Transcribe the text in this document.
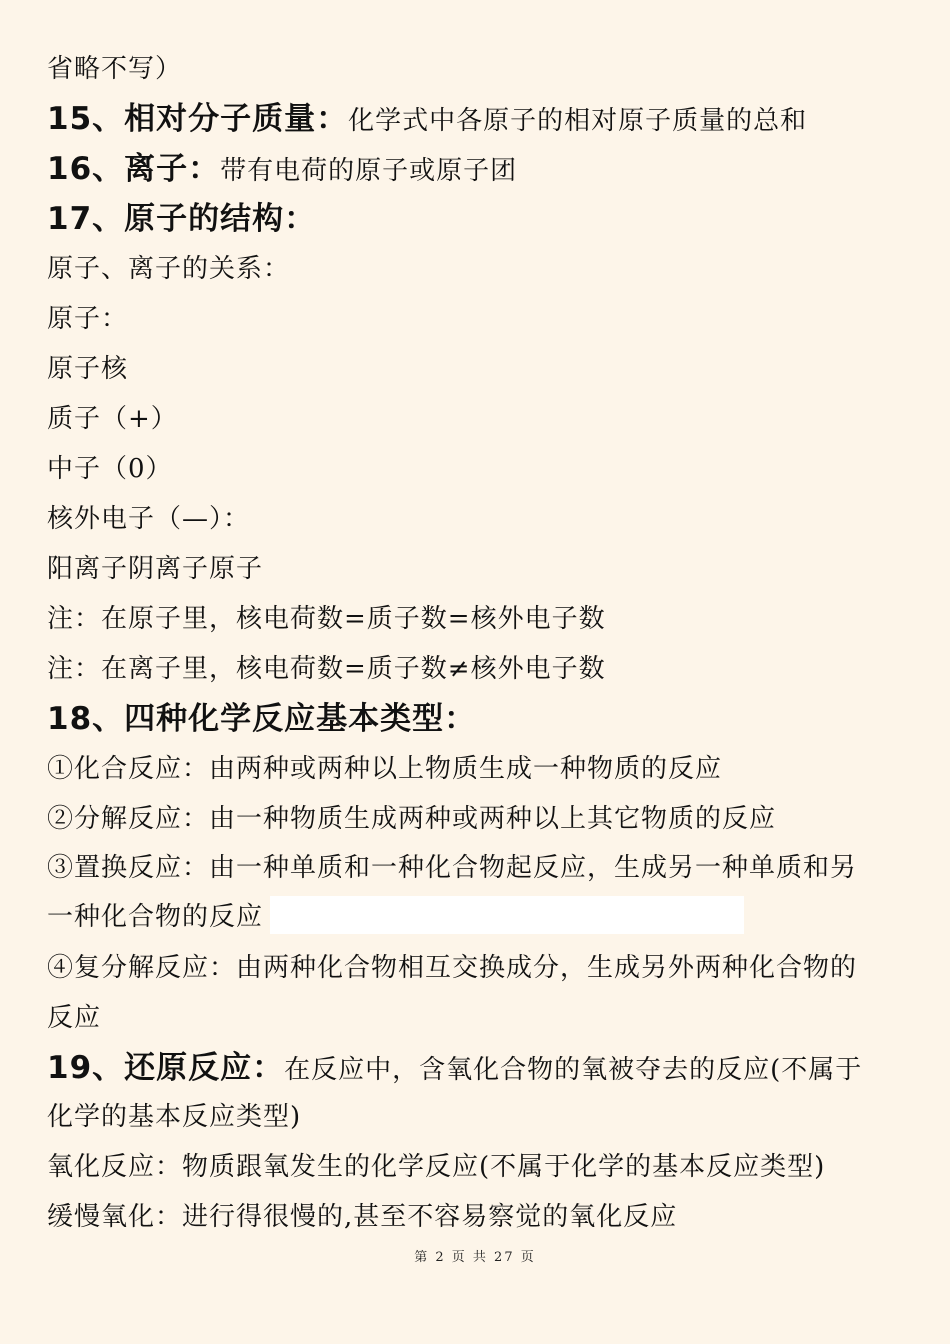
省略不写）
15、相对分子质量：化学式中各原子的相对原子质量的总和
16、离子：带有电荷的原子或原子团
17、原子的结构：
原子、离子的关系：
原子：
原子核
质子（+）
中子（0）
核外电子（—）：
阳离子阴离子原子
注：在原子里，核电荷数=质子数=核外电子数
注：在离子里，核电荷数=质子数≠核外电子数
18、四种化学反应基本类型：
①化合反应：由两种或两种以上物质生成一种物质的反应
②分解反应：由一种物质生成两种或两种以上其它物质的反应
③置换反应：由一种单质和一种化合物起反应，生成另一种单质和另
一种化合物的反应
④复分解反应：由两种化合物相互交换成分，生成另外两种化合物的
反应
19、还原反应：在反应中，含氧化合物的氧被夺去的反应(不属于
化学的基本反应类型)
氧化反应：物质跟氧发生的化学反应(不属于化学的基本反应类型)
缓慢氧化：进行得很慢的,甚至不容易察觉的氧化反应
第 2 页 共 27 页
